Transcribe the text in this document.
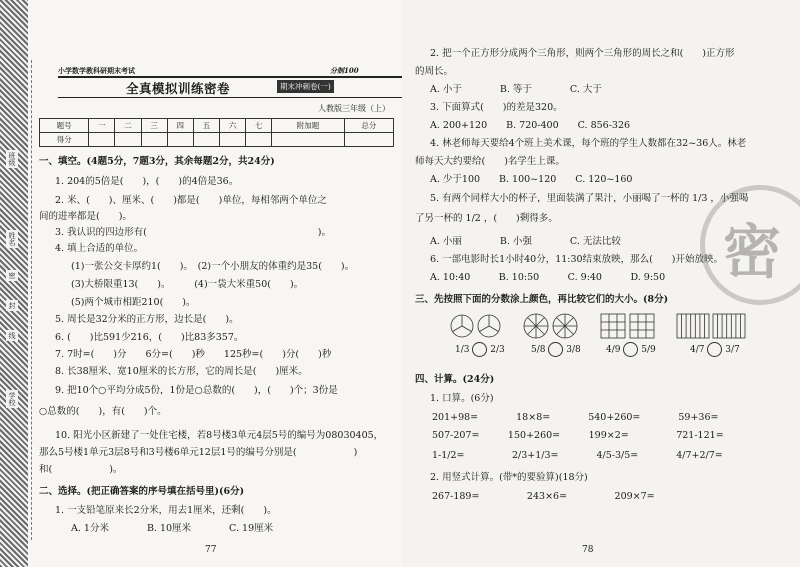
班级
姓名
密
封
线
学校
小学数学教科研期末考试	分制100
全真模拟训练密卷	期末冲刺卷(一)
人教版三年级（上）
题号	一	二	三	四	五	六	七	附加题	总分
得分									
一、填空。(4题5分，7题3分，其余每题2分，共24分)
1. 204的5倍是(　　)，(　　)的4倍是36。
2. 米、(　　)、厘米、(　　)都是(　　)单位，每相邻两个单位之
间的进率都是(　　)。
3. 我认识的四边形有(　　　　　　　　　　　　　　　　　　)。
4. 填上合适的单位。
(1)一张公交卡厚约1(　　)。　(2)一个小朋友的体重约是35(　　)。
(3)大桥限重13(　　)。　　　(4)一袋大米重50(　　)。
(5)两个城市相距210(　　)。
5. 周长是32分米的正方形，边长是(　　)。
6. (　　)比591少216，(　　)比83多357。
7. 7时=(　　)分　　6分=(　　)秒　　125秒=(　　)分(　　)秒
8. 长38厘米、宽10厘米的长方形，它的周长是(　　)厘米。
9. 把10个○平均分成5份，1份是○总数的(　　)，(　　)个；3份是
○总数的(　　)，有(　　)个。
10. 阳光小区新建了一处住宅楼，若8号楼3单元4层5号的编号为08030405，
那么5号楼1单元3层8号和3号楼6单元12层1号的编号分别是(　　　　　　)
和(　　　　　　)。
二、选择。(把正确答案的序号填在括号里)(6分)
1. 一支铅笔原来长2分米，用去1厘米，还剩(　　)。
A. 1分米　　　　B. 10厘米　　　　C. 19厘米
77
2. 把一个正方形分成两个三角形，则两个三角形的周长之和(　　)正方形
的周长。
A. 小于　　　　B. 等于　　　　C. 大于
3. 下面算式(　　)的差是320。
A. 200+120　　B. 720-400　　C. 856-326
4. 林老师每天要给4个班上美术课，每个班的学生人数都在32~36人。林老
师每天大约要给(　　)名学生上课。
A. 少于100　　B. 100~120　　C. 120~160
5. 有两个同样大小的杯子，里面装满了果汁，小丽喝了一杯的 1/3 ，小强喝
了另一杯的 1/2 ，(　　)剩得多。
A. 小丽　　　　B. 小强　　　　C. 无法比较
6. 一部电影时长1小时40分，11:30结束放映，那么(　　)开始放映。
A. 10:40　　　B. 10:50　　　C. 9:40　　　D. 9:50
三、先按照下面的分数涂上颜色，再比较它们的大小。(8分)
四、计算。(24分)
1. 口算。(6分)
201+98=　　　　18×8=　　　　540+260=　　　　59+36=
507-207=　　　150+260=　　　199×2=　　　　　721-121=
1-1/2=　　　　　2/3+1/3=　　　　4/5-3/5=　　　　4/7+2/7=
2. 用竖式计算。(带*的要验算)(18分)
267-189=　　　　　243×6=　　　　　209×7=
1/3 2/3	5/8 3/8	4/9 5/9	4/7 3/7
密
78
